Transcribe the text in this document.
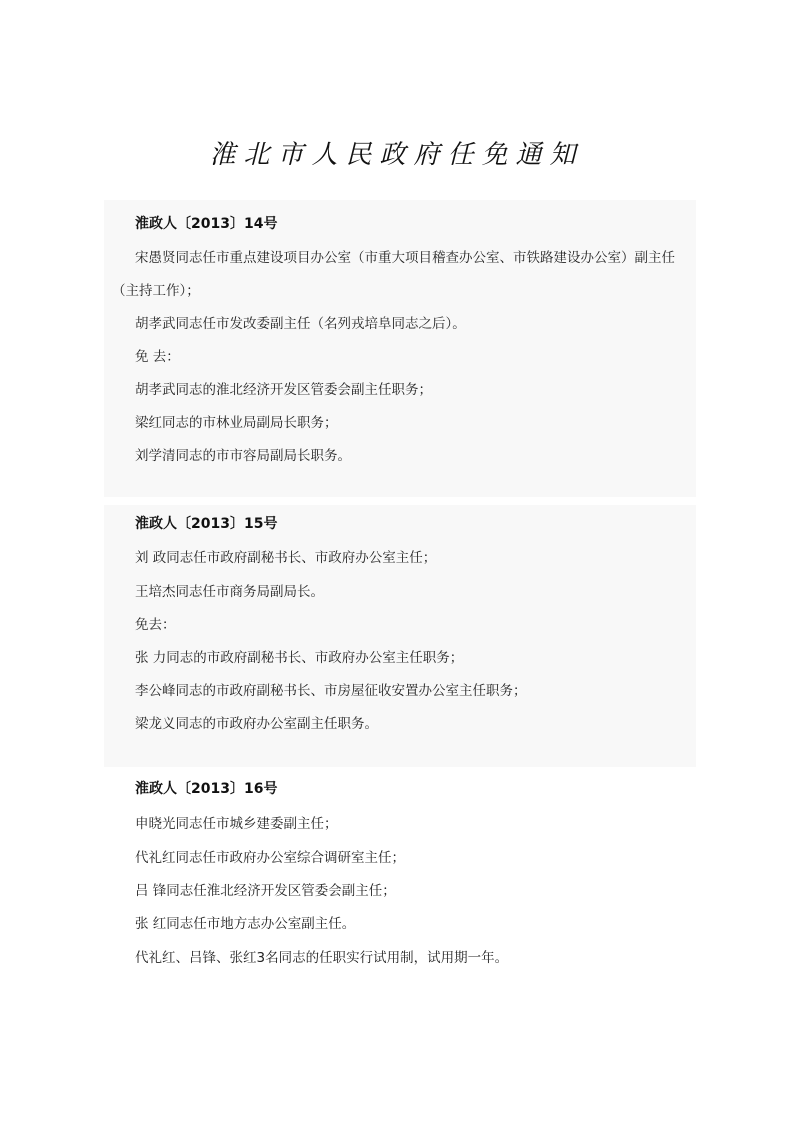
淮北市人民政府任免通知
淮政人〔2013〕14号
宋愚贤同志任市重点建设项目办公室（市重大项目稽查办公室、市铁路建设办公室）副主任
（主持工作）；
胡孝武同志任市发改委副主任（名列戎培阜同志之后）。
免 去：
胡孝武同志的淮北经济开发区管委会副主任职务；
梁红同志的市林业局副局长职务；
刘学清同志的市市容局副局长职务。
淮政人〔2013〕15号
刘 政同志任市政府副秘书长、市政府办公室主任；
王培杰同志任市商务局副局长。
免去：
张 力同志的市政府副秘书长、市政府办公室主任职务；
李公峰同志的市政府副秘书长、市房屋征收安置办公室主任职务；
梁龙义同志的市政府办公室副主任职务。
淮政人〔2013〕16号
申晓光同志任市城乡建委副主任；
代礼红同志任市政府办公室综合调研室主任；
吕 锋同志任淮北经济开发区管委会副主任；
张 红同志任市地方志办公室副主任。
代礼红、吕锋、张红3名同志的任职实行试用制，试用期一年。
